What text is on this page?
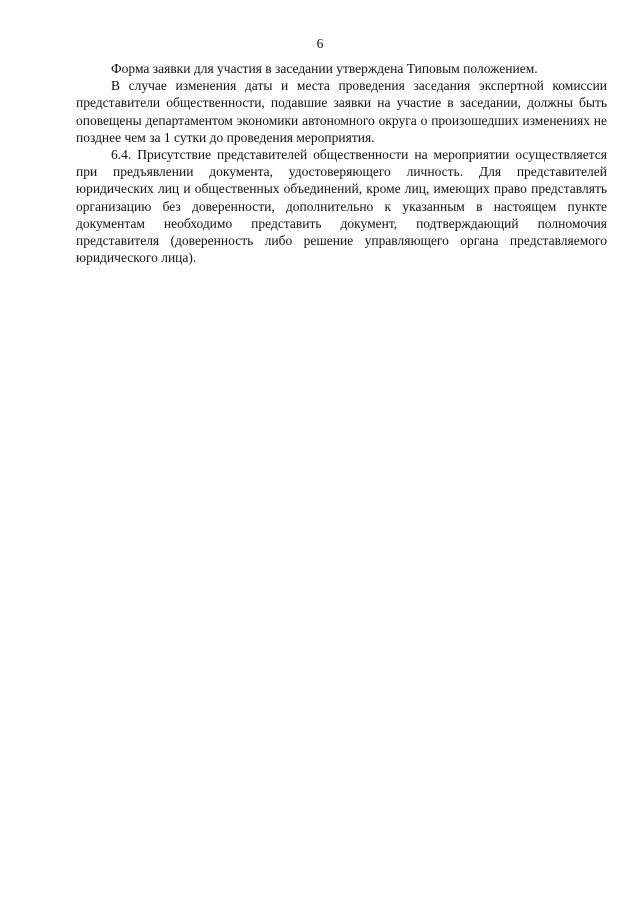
6

Форма заявки для участия в заседании утверждена Типовым положением.

В случае изменения даты и места проведения заседания экспертной комиссии представители общественности, подавшие заявки на участие в заседании, должны быть оповещены департаментом экономики автономного округа о произошедших изменениях не позднее чем за 1 сутки до проведения мероприятия.

6.4. Присутствие представителей общественности на мероприятии осуществляется при предъявлении документа, удостоверяющего личность. Для представителей юридических лиц и общественных объединений, кроме лиц, имеющих право представлять организацию без доверенности, дополнительно к указанным в настоящем пункте документам необходимо представить документ, подтверждающий полномочия представителя (доверенность либо решение управляющего органа представляемого юридического лица).
